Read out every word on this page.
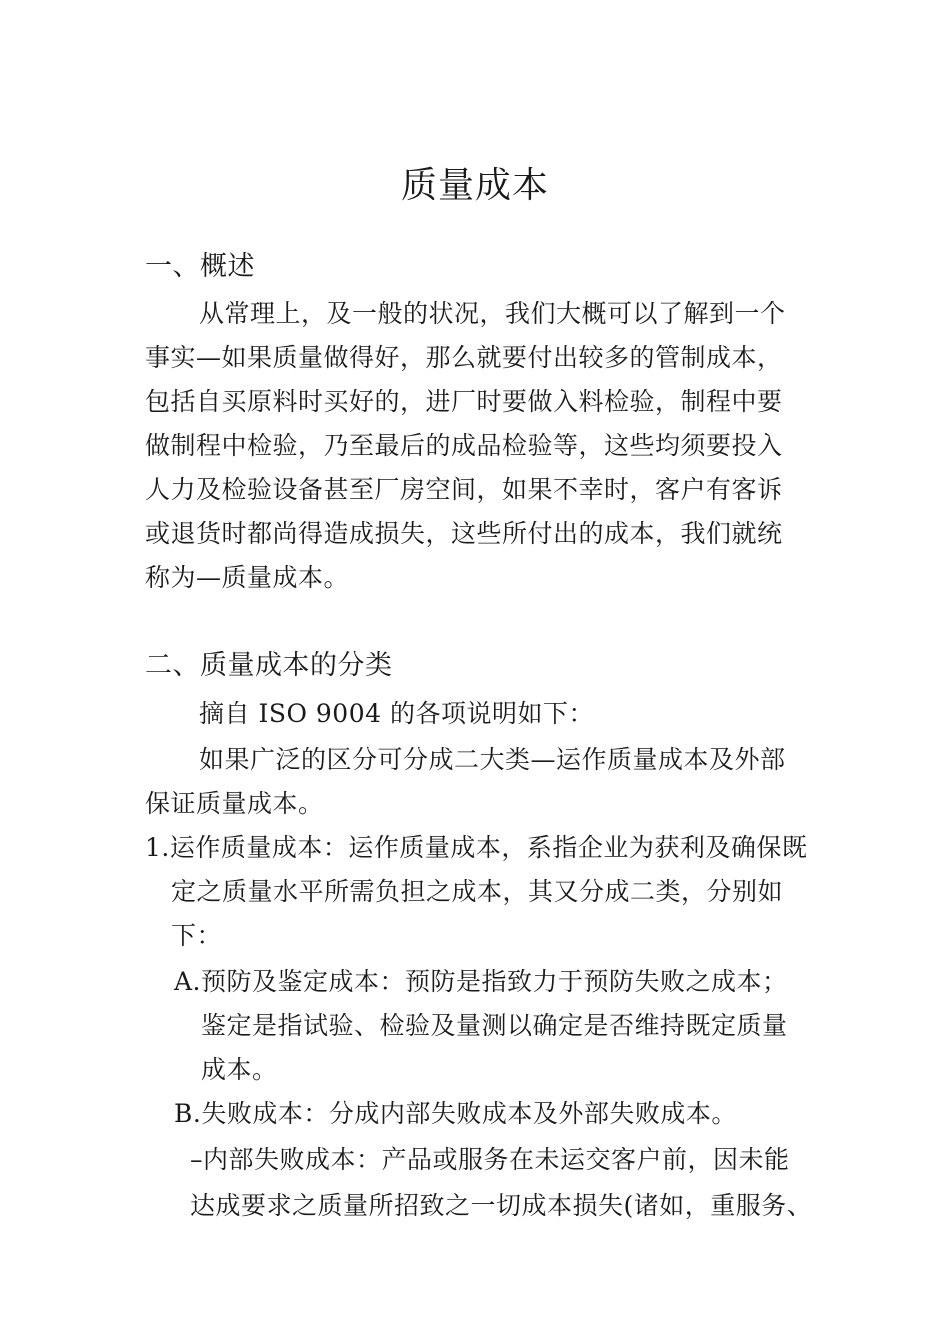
质量成本
一、概述
从常理上，及一般的状况，我们大概可以了解到一个
事实—如果质量做得好，那么就要付出较多的管制成本，
包括自买原料时买好的，进厂时要做入料检验，制程中要
做制程中检验，乃至最后的成品检验等，这些均须要投入
人力及检验设备甚至厂房空间，如果不幸时，客户有客诉
或退货时都尚得造成损失，这些所付出的成本，我们就统
称为—质量成本。
二、质量成本的分类
摘自 ISO 9004 的各项说明如下：
如果广泛的区分可分成二大类—运作质量成本及外部
保证质量成本。
1.运作质量成本：运作质量成本，系指企业为获利及确保既
定之质量水平所需负担之成本，其又分成二类，分别如
下：
A.预防及鉴定成本：预防是指致力于预防失败之成本；
鉴定是指试验、检验及量测以确定是否维持既定质量
成本。
B.失败成本：分成内部失败成本及外部失败成本。
–内部失败成本：产品或服务在未运交客户前，因未能
达成要求之质量所招致之一切成本损失(诸如，重服务、
